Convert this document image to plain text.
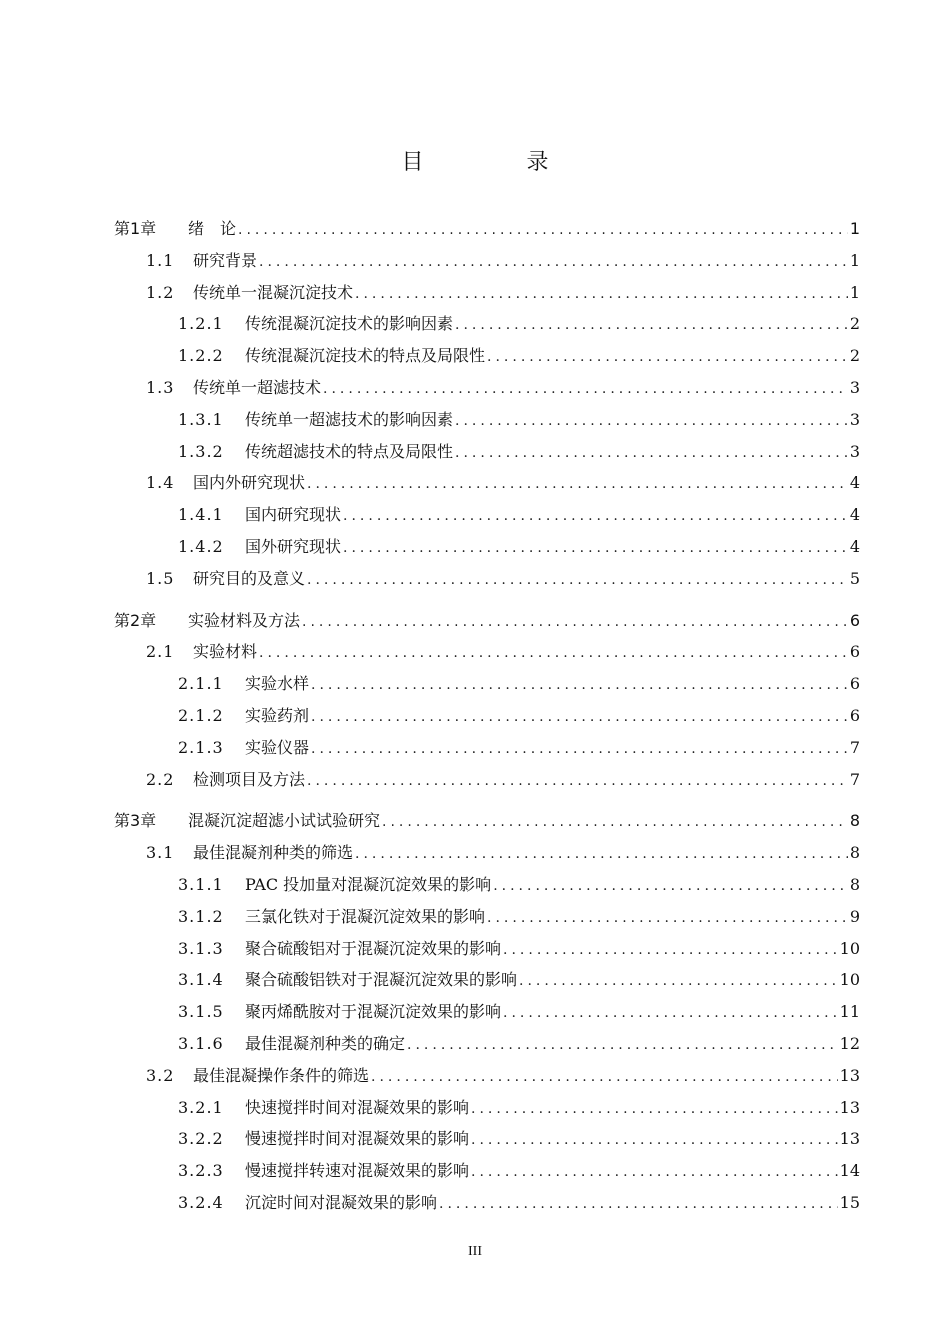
目 录
第1章	绪　论 .....	1
1.1	研究背景 .....	1
1.2	传统单一混凝沉淀技术 .....	1
1.2.1	传统混凝沉淀技术的影响因素 .....	2
1.2.2	传统混凝沉淀技术的特点及局限性 .....	2
1.3	传统单一超滤技术 .....	3
1.3.1	传统单一超滤技术的影响因素 .....	3
1.3.2	传统超滤技术的特点及局限性 .....	3
1.4	国内外研究现状 .....	4
1.4.1	国内研究现状 .....	4
1.4.2	国外研究现状 .....	4
1.5	研究目的及意义 .....	5
第2章	实验材料及方法 .....	6
2.1	实验材料 .....	6
2.1.1	实验水样 .....	6
2.1.2	实验药剂 .....	6
2.1.3	实验仪器 .....	7
2.2	检测项目及方法 .....	7
第3章	混凝沉淀超滤小试试验研究 .....	8
3.1	最佳混凝剂种类的筛选 .....	8
3.1.1	PAC 投加量对混凝沉淀效果的影响 .....	8
3.1.2	三氯化铁对于混凝沉淀效果的影响 .....	9
3.1.3	聚合硫酸铝对于混凝沉淀效果的影响 .....	10
3.1.4	聚合硫酸铝铁对于混凝沉淀效果的影响 .....	10
3.1.5	聚丙烯酰胺对于混凝沉淀效果的影响 .....	11
3.1.6	最佳混凝剂种类的确定 .....	12
3.2	最佳混凝操作条件的筛选 .....	13
3.2.1	快速搅拌时间对混凝效果的影响 .....	13
3.2.2	慢速搅拌时间对混凝效果的影响 .....	13
3.2.3	慢速搅拌转速对混凝效果的影响 .....	14
3.2.4	沉淀时间对混凝效果的影响 .....	15
III
